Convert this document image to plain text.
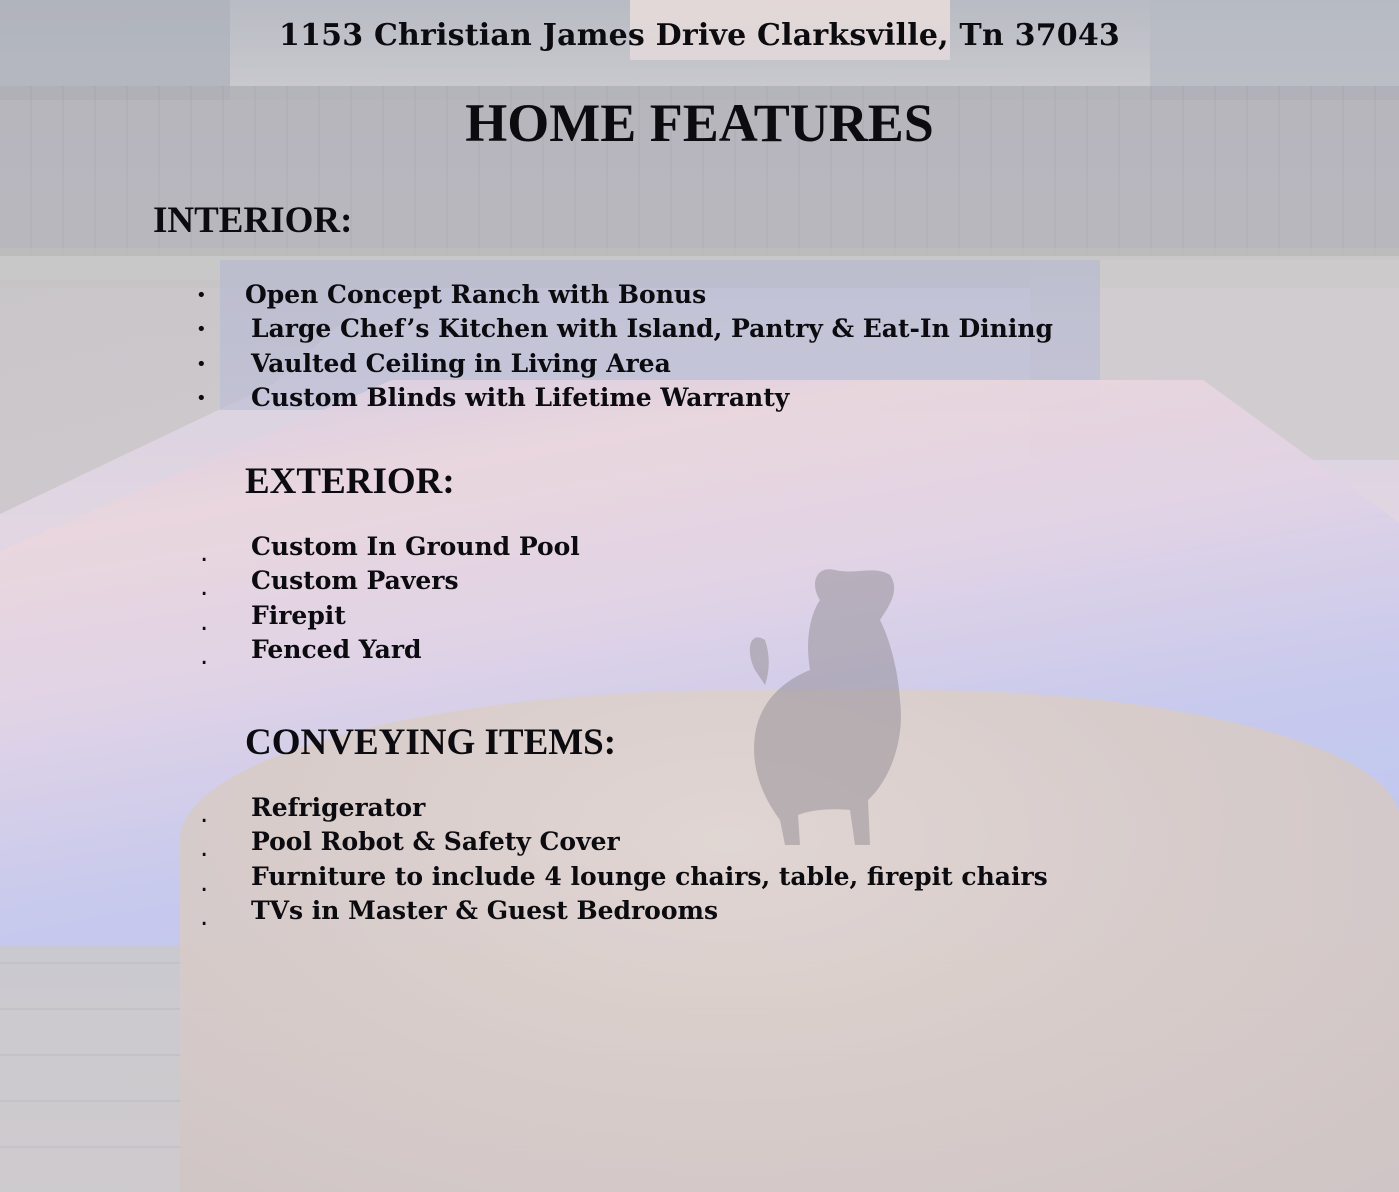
1153 Christian James Drive Clarksville, Tn 37043
HOME FEATURES
INTERIOR:
• Open Concept Ranch with Bonus
• Large Chef’s Kitchen with Island, Pantry & Eat-In Dining
• Vaulted Ceiling in Living Area
• Custom Blinds with Lifetime Warranty
EXTERIOR:
. Custom In Ground Pool
. Custom Pavers
. Firepit
. Fenced Yard
CONVEYING ITEMS:
. Refrigerator
. Pool Robot & Safety Cover
. Furniture to include 4 lounge chairs, table, firepit chairs
. TVs in Master & Guest Bedrooms
